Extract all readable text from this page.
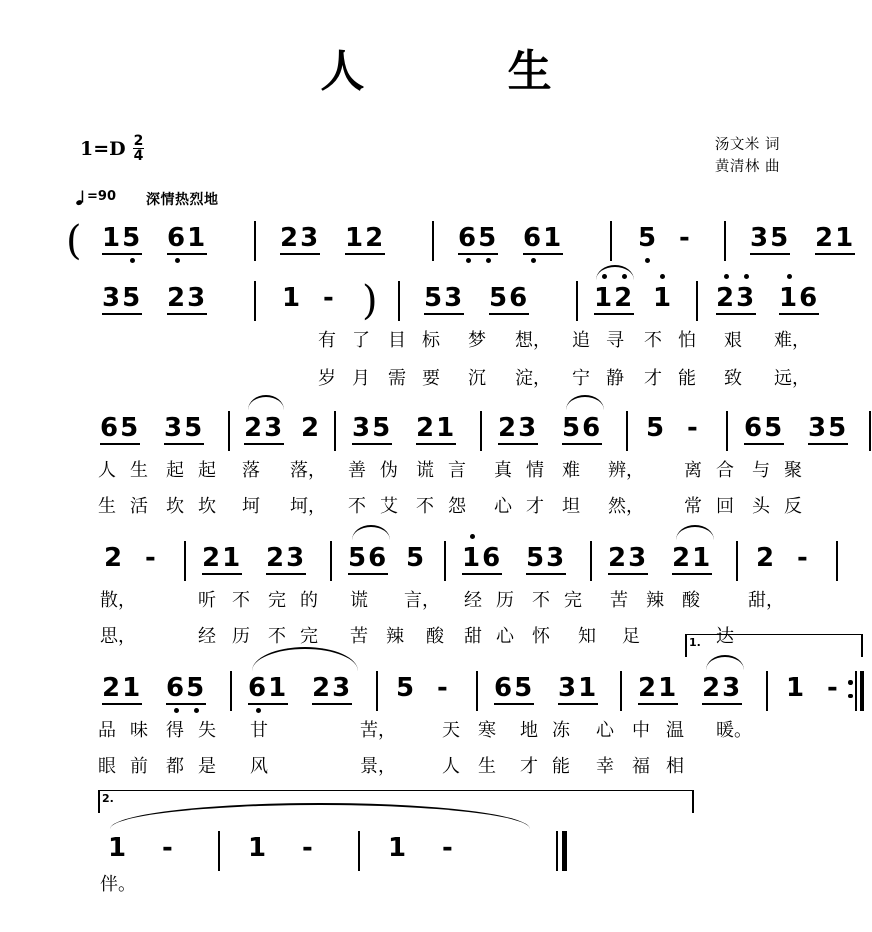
人 生
$1=D \frac{2}{4}$	汤文米 词
黄清林 曲
=90 深情热烈地
( 15 61	23 12	65 61	5 - 35 21
35 23	1 - ) 53 56 12 1 23 16
65 35 23 2 35 21 23 56 5 - 65 35
2 - 21 23 56 5 16 53 23 21 2 -
1.
21 65 61 23 5 - 65 31 21 23 1 -
2.
1 -	1 -	1 -
有 了 目 标 梦 想， 追 寻 不 怕 艰 难，
岁 月 需 要 沉 淀， 宁 静 才 能 致 远，
人 生 起 起 落 落， 善 伪 谎 言 真 情 难 辨， 离 合 与 聚
生 活 坎 坎 坷 坷， 不 艾 不 怨 心 才 坦 然， 常 回 头 反
散，	听 不 完 的 谎 言， 经 历 不 完 苦 辣 酸	甜，
思，	经 历 不 完 苦 辣 酸 甜 心 怀 知 足	达
品 味 得 失 甘	苦，	天 寒 地 冻 心 中 温 暖。
眼 前 都 是 风	景，	人 生 才 能 幸 福 相
伴。
